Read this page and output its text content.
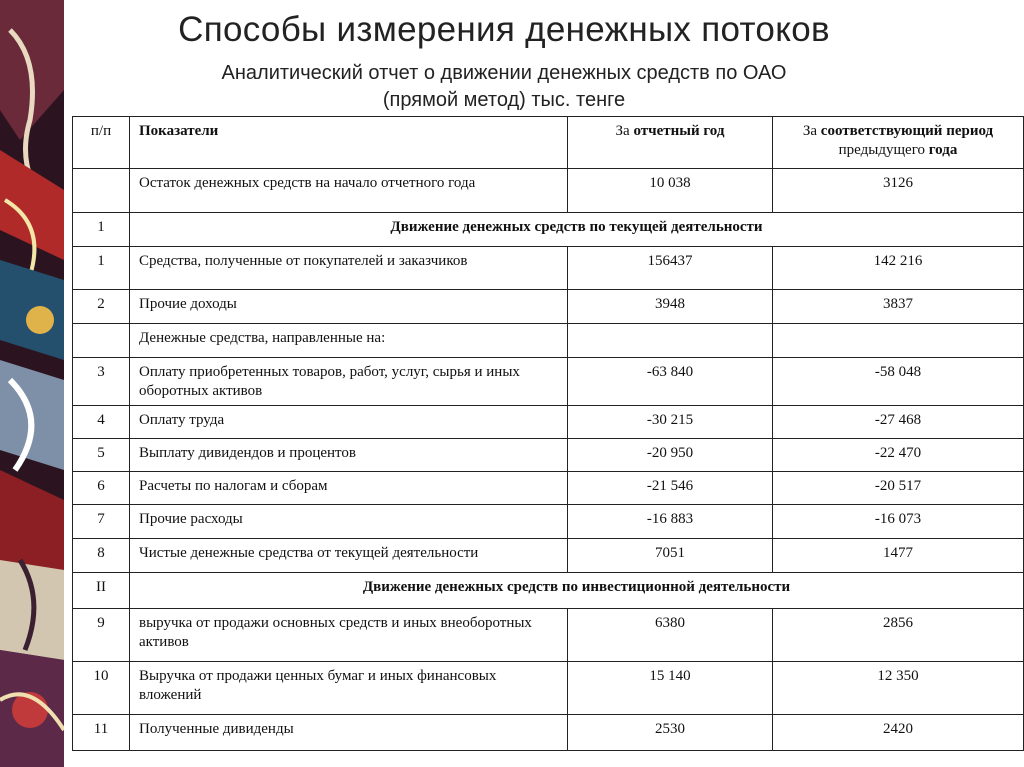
Способы измерения денежных потоков
Аналитический отчет о движении денежных средств по ОАО
(прямой метод) тыс. тенге
п/п	Показатели	За отчетный год	За соответствующий период
предыдущего года
	Остаток денежных средств на начало отчетного года	10 038	3126
1	Движение денежных средств по текущей деятельности		
1	Средства, полученные от покупателей и заказчиков	156437	142 216
2	Прочие доходы	3948	3837
	Денежные средства, направленные на:		
3	Оплату приобретенных товаров, работ, услуг, сырья и иных оборотных активов	-63 840	-58 048
4	Оплату труда	-30 215	-27 468
5	Выплату дивидендов и процентов	-20 950	-22 470
6	Расчеты по налогам и сборам	-21 546	-20 517
7	Прочие расходы	-16 883	-16 073
8	Чистые денежные средства от текущей деятельности	7051	1477
II	Движение денежных средств по инвестиционной деятельности		
9	выручка от продажи основных средств и иных внеоборотных активов	6380	2856
10	Выручка от продажи ценных бумаг и иных финансовых вложений	15 140	12 350
11	Полученные дивиденды	2530	2420
